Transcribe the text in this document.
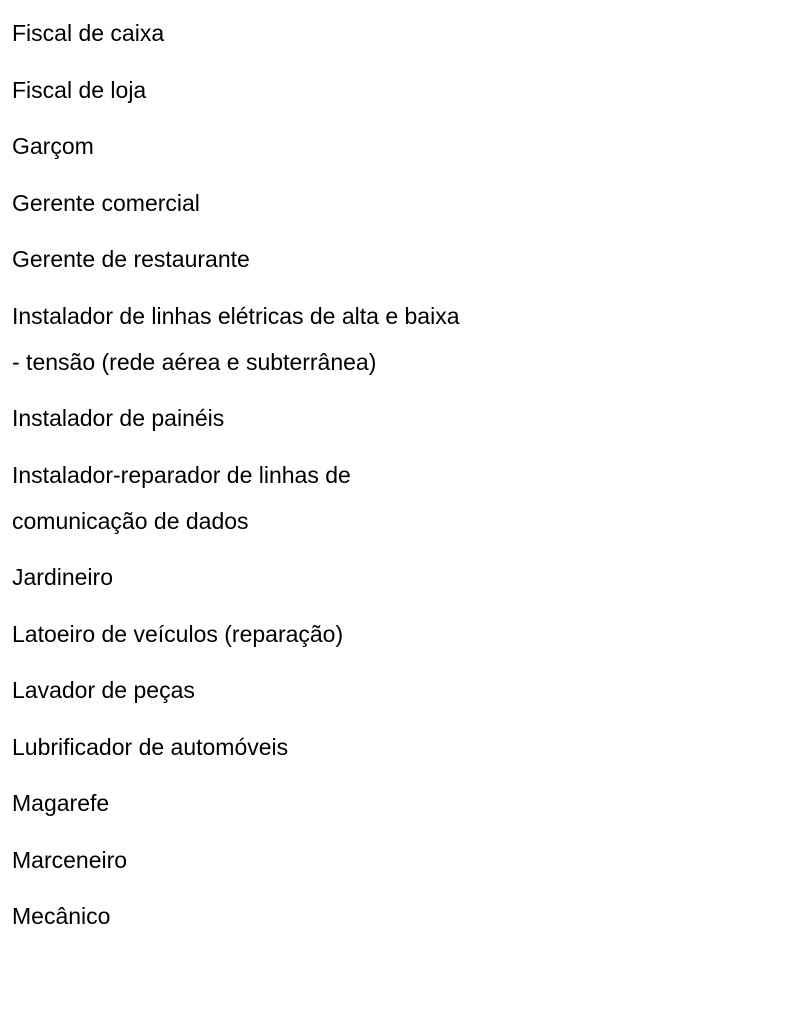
Fiscal de caixa
Fiscal de loja
Garçom
Gerente comercial
Gerente de restaurante
Instalador de linhas elétricas de alta e baixa - tensão (rede aérea e subterrânea)
Instalador de painéis
Instalador-reparador de linhas de comunicação de dados
Jardineiro
Latoeiro de veículos (reparação)
Lavador de peças
Lubrificador de automóveis
Magarefe
Marceneiro
Mecânico
